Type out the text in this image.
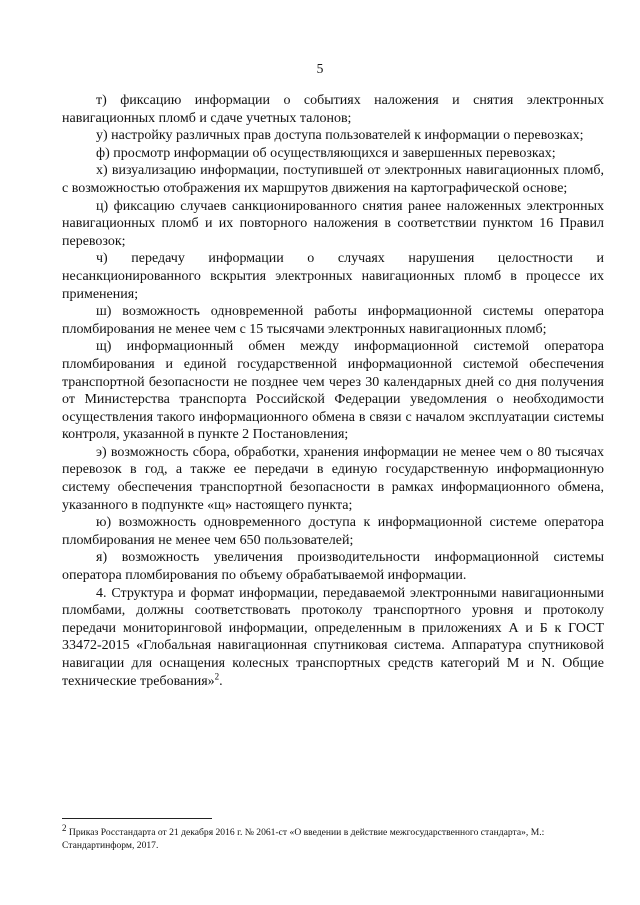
5

т) фиксацию информации о событиях наложения и снятия электронных навигационных пломб и сдаче учетных талонов;

у) настройку различных прав доступа пользователей к информации о перевозках;

ф) просмотр информации об осуществляющихся и завершенных перевозках;

х) визуализацию информации, поступившей от электронных навигационных пломб, с возможностью отображения их маршрутов движения на картографической основе;

ц) фиксацию случаев санкционированного снятия ранее наложенных электронных навигационных пломб и их повторного наложения в соответствии пунктом 16 Правил перевозок;

ч) передачу информации о случаях нарушения целостности и несанкционированного вскрытия электронных навигационных пломб в процессе их применения;

ш) возможность одновременной работы информационной системы оператора пломбирования не менее чем с 15 тысячами электронных навигационных пломб;

щ) информационный обмен между информационной системой оператора пломбирования и единой государственной информационной системой обеспечения транспортной безопасности не позднее чем через 30 календарных дней со дня получения от Министерства транспорта Российской Федерации уведомления о необходимости осуществления такого информационного обмена в связи с началом эксплуатации системы контроля, указанной в пункте 2 Постановления;

э) возможность сбора, обработки, хранения информации не менее чем о 80 тысячах перевозок в год, а также ее передачи в единую государственную информационную систему обеспечения транспортной безопасности в рамках информационного обмена, указанного в подпункте «щ» настоящего пункта;

ю) возможность одновременного доступа к информационной системе оператора пломбирования не менее чем 650 пользователей;

я) возможность увеличения производительности информационной системы оператора пломбирования по объему обрабатываемой информации.

4. Структура и формат информации, передаваемой электронными навигационными пломбами, должны соответствовать протоколу транспортного уровня и протоколу передачи мониторинговой информации, определенным в приложениях А и Б к ГОСТ 33472-2015 «Глобальная навигационная спутниковая система. Аппаратура спутниковой навигации для оснащения колесных транспортных средств категорий M и N. Общие технические требования»$^2$.

$^2$ Приказ Росстандарта от 21 декабря 2016 г. № 2061-ст «О введении в действие межгосударственного стандарта», М.: Стандартинформ, 2017.
